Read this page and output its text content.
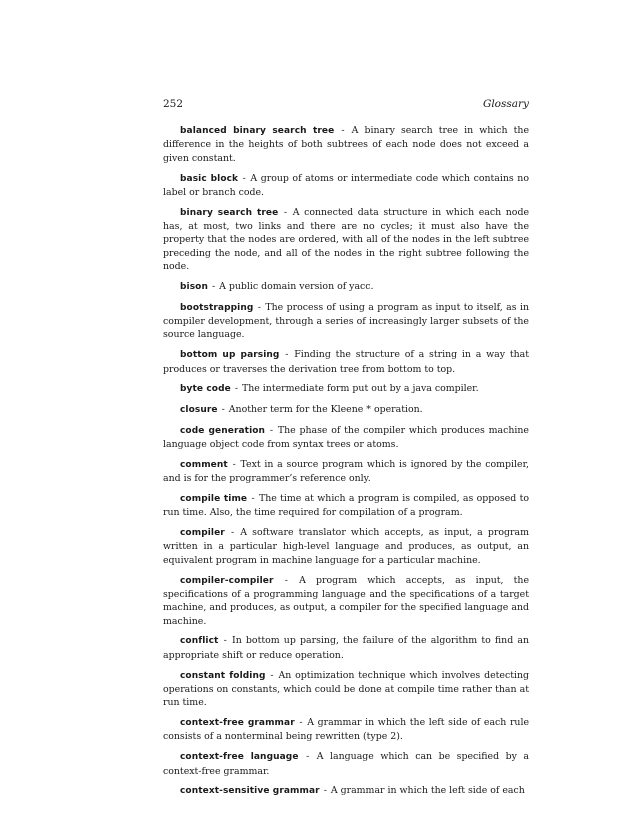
252	Glossary

balanced binary search tree - A binary search tree in which the difference in the heights of both subtrees of each node does not exceed a given constant.

basic block - A group of atoms or intermediate code which contains no label or branch code.

binary search tree - A connected data structure in which each node has, at most, two links and there are no cycles; it must also have the property that the nodes are ordered, with all of the nodes in the left subtree preceding the node, and all of the nodes in the right subtree following the node.

bison - A public domain version of yacc.

bootstrapping - The process of using a program as input to itself, as in compiler development, through a series of increasingly larger subsets of the source language.

bottom up parsing - Finding the structure of a string in a way that produces or traverses the derivation tree from bottom to top.

byte code - The intermediate form put out by a java compiler.

closure - Another term for the Kleene * operation.

code generation - The phase of the compiler which produces machine language object code from syntax trees or atoms.

comment - Text in a source program which is ignored by the compiler, and is for the programmer’s reference only.

compile time - The time at which a program is compiled, as opposed to run time. Also, the time required for compilation of a program.

compiler - A software translator which accepts, as input, a program written in a particular high-level language and produces, as output, an equivalent program in machine language for a particular machine.

compiler-compiler - A program which accepts, as input, the specifications of a programming language and the specifications of a target machine, and produces, as output, a compiler for the specified language and machine.

conflict - In bottom up parsing, the failure of the algorithm to find an appropriate shift or reduce operation.

constant folding - An optimization technique which involves detecting operations on constants, which could be done at compile time rather than at run time.

context-free grammar - A grammar in which the left side of each rule consists of a nonterminal being rewritten (type 2).

context-free language - A language which can be specified by a context-free grammar.

context-sensitive grammar - A grammar in which the left side of each
